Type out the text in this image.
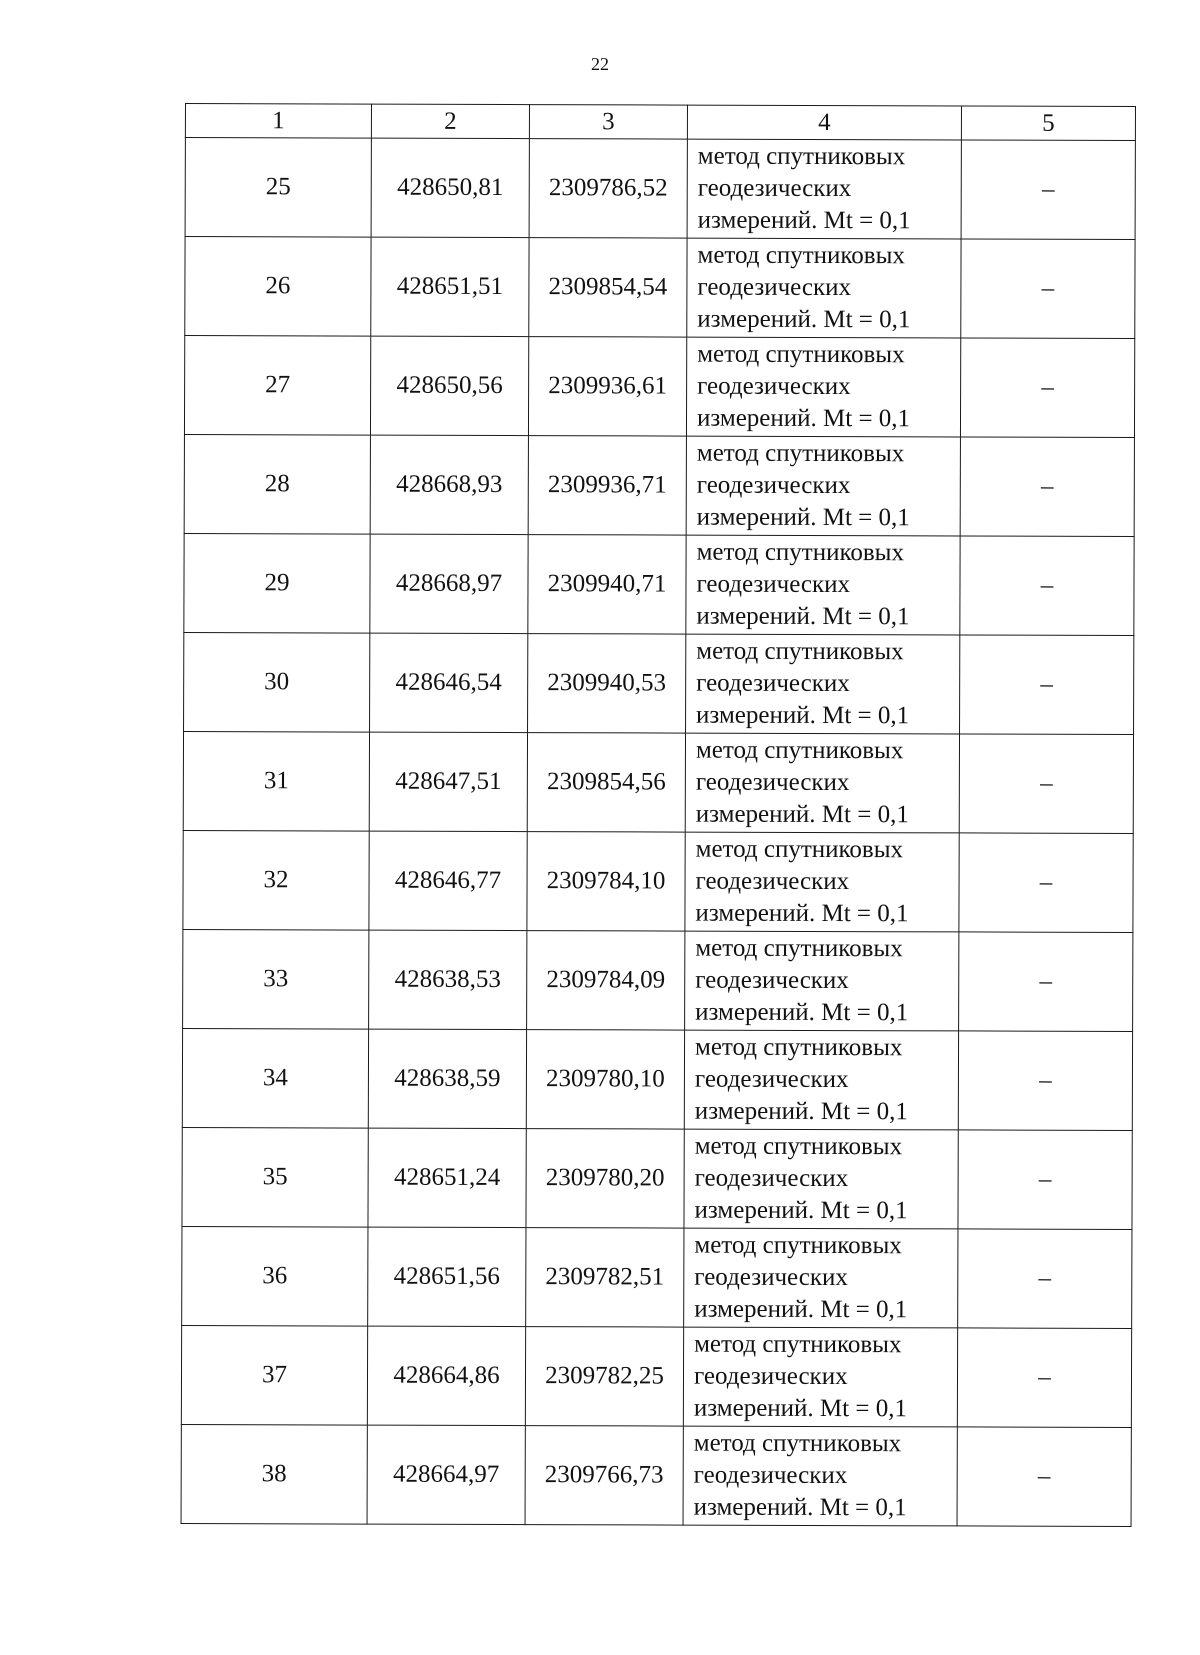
22
1	2	3	4	5
25	428650,81	2309786,52	метод спутниковых
геодезических
измерений. Mt = 0,1	–
26	428651,51	2309854,54	метод спутниковых
геодезических
измерений. Mt = 0,1	–
27	428650,56	2309936,61	метод спутниковых
геодезических
измерений. Mt = 0,1	–
28	428668,93	2309936,71	метод спутниковых
геодезических
измерений. Mt = 0,1	–
29	428668,97	2309940,71	метод спутниковых
геодезических
измерений. Mt = 0,1	–
30	428646,54	2309940,53	метод спутниковых
геодезических
измерений. Mt = 0,1	–
31	428647,51	2309854,56	метод спутниковых
геодезических
измерений. Mt = 0,1	–
32	428646,77	2309784,10	метод спутниковых
геодезических
измерений. Mt = 0,1	–
33	428638,53	2309784,09	метод спутниковых
геодезических
измерений. Mt = 0,1	–
34	428638,59	2309780,10	метод спутниковых
геодезических
измерений. Mt = 0,1	–
35	428651,24	2309780,20	метод спутниковых
геодезических
измерений. Mt = 0,1	–
36	428651,56	2309782,51	метод спутниковых
геодезических
измерений. Mt = 0,1	–
37	428664,86	2309782,25	метод спутниковых
геодезических
измерений. Mt = 0,1	–
38	428664,97	2309766,73	метод спутниковых
геодезических
измерений. Mt = 0,1	–
